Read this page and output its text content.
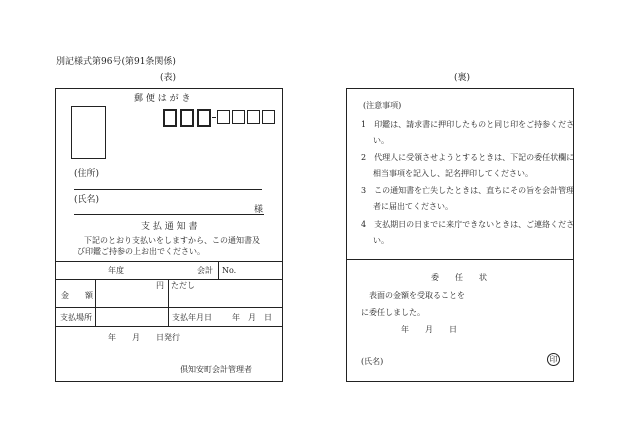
別記様式第96号(第91条関係)
(表)	(裏)
郵 便 は が き
(住所)
(氏名)
様
支 払 通 知 書
下記のとおり支払いをしますから、この通知書及
び印鑑ご持参の上お出でください。
年度	会計 No.
金　　額
円 ただし
支払場所	支払年月日	年　月　日
年　　月　　日発行
倶知安町会計管理者
(注意事項)
1　印鑑は、請求書に押印したものと同じ印をご持参くださ
い。
2　代理人に受領させようとするときは、下記の委任状欄に
相当事項を記入し、記名押印してください。
3　この通知書を亡失したときは、直ちにその旨を会計管理
者に届出てください。
4　支払期日の日までに来庁できないときは、ご連絡くださ
い。
委　　任　　状
表面の金額を受取ることを
に委任しました。
年　　月　　日
(氏名)	印
